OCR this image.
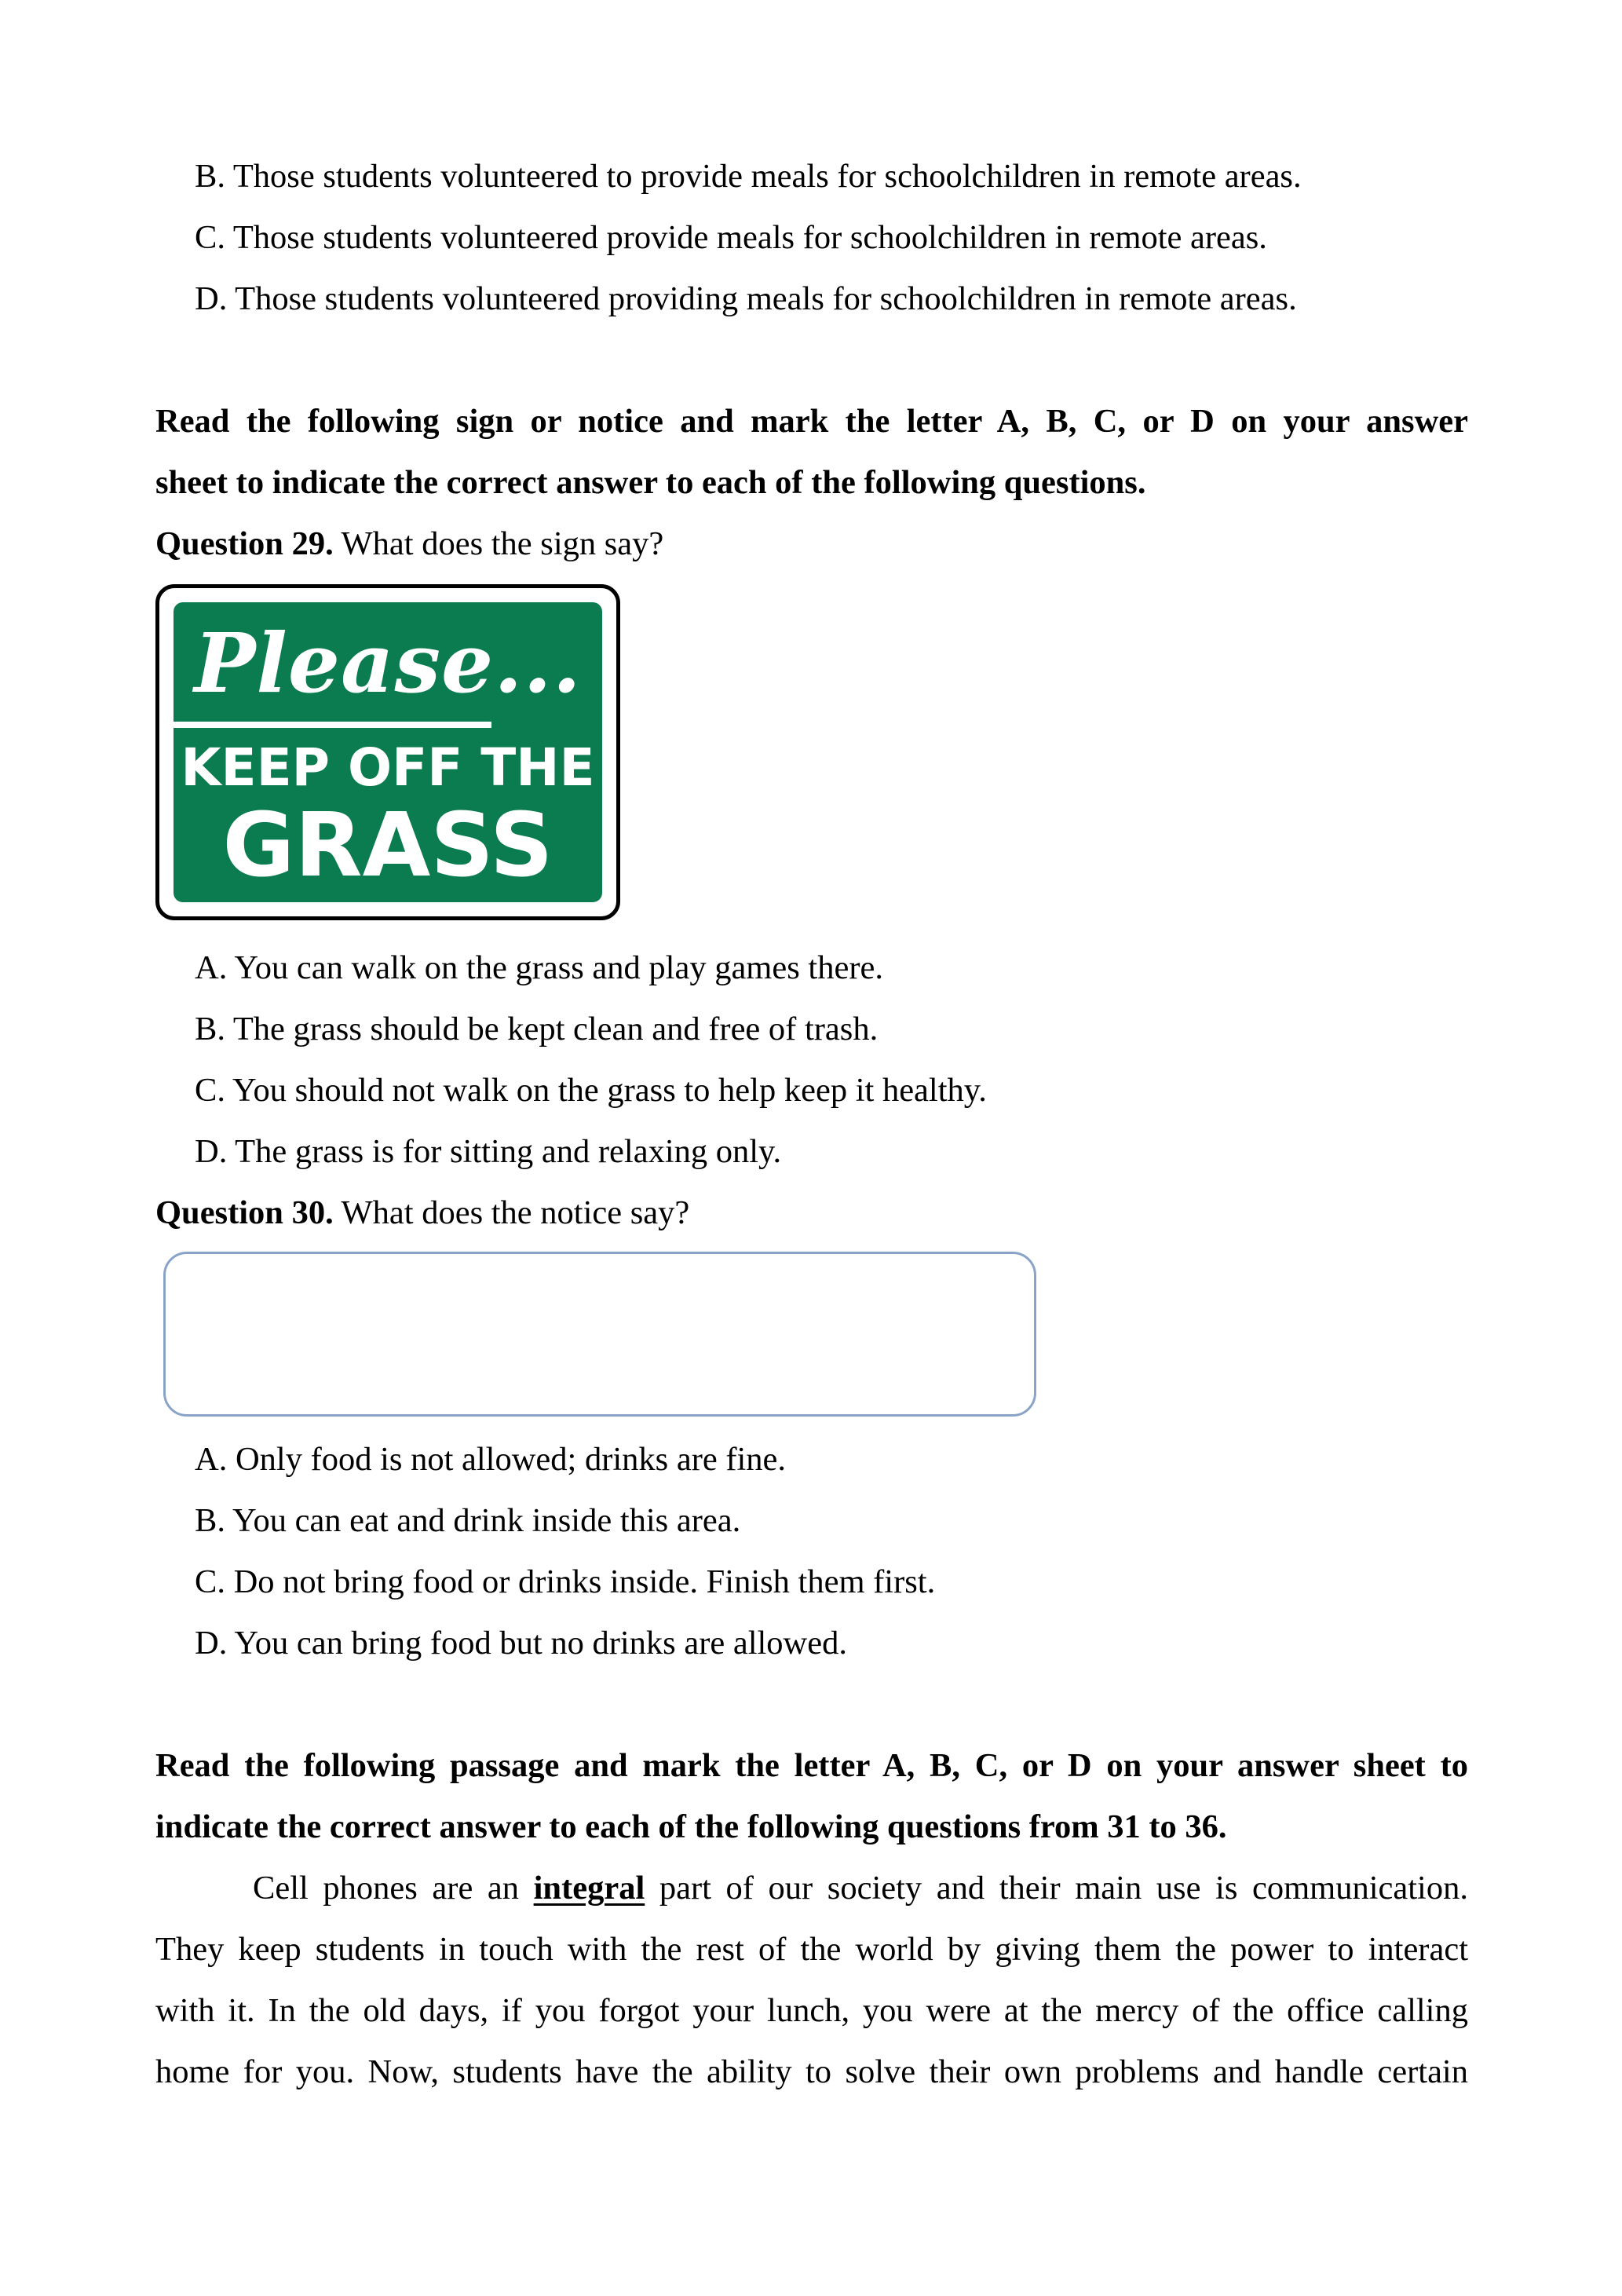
B. Those students volunteered to provide meals for schoolchildren in remote areas.
C. Those students volunteered provide meals for schoolchildren in remote areas.
D. Those students volunteered providing meals for schoolchildren in remote areas.
Read the following sign or notice and mark the letter A, B, C, or D on your answer
sheet to indicate the correct answer to each of the following questions.
Question 29. What does the sign say?
Please...
KEEP OFF THE
GRASS
A. You can walk on the grass and play games there.
B. The grass should be kept clean and free of trash.
C. You should not walk on the grass to help keep it healthy.
D. The grass is for sitting and relaxing only.
Question 30. What does the notice say?
A. Only food is not allowed; drinks are fine.
B. You can eat and drink inside this area.
C. Do not bring food or drinks inside. Finish them first.
D. You can bring food but no drinks are allowed.
Read the following passage and mark the letter A, B, C, or D on your answer sheet to
indicate the correct answer to each of the following questions from 31 to 36.
Cell phones are an integral part of our society and their main use is communication.
They keep students in touch with the rest of the world by giving them the power to interact
with it. In the old days, if you forgot your lunch, you were at the mercy of the office calling
home for you. Now, students have the ability to solve their own problems and handle certain
